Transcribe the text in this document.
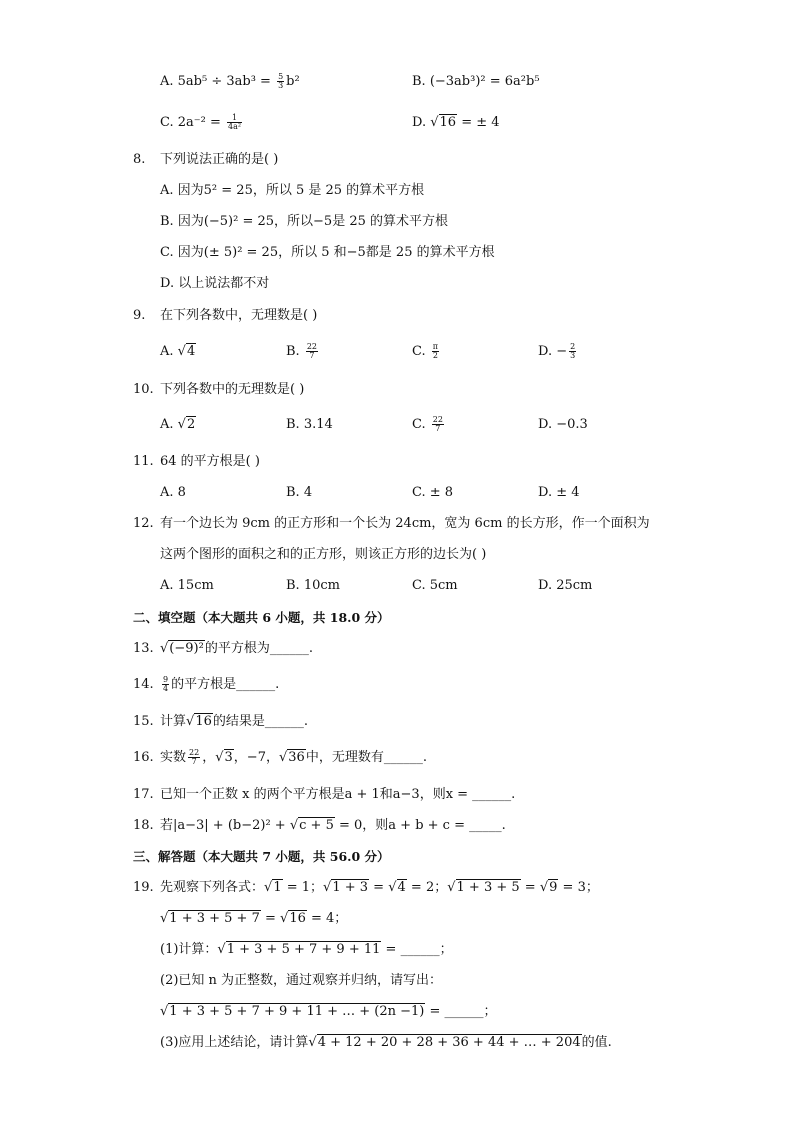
A. $5ab^5 \div 3ab^3 = \frac{5}{3} b^2$	B. (−3ab³)² = 6a²b⁵
C. $2a^{-2} = \frac{1}{\text{4a²}}$	D. √16 = ± 4
8. 下列说法正确的是( )
A. 因为5² = 25，所以 5 是 25 的算术平方根
B. 因为(−5)² = 25，所以−5是 25 的算术平方根
C. 因为(± 5)² = 25，所以 5 和−5都是 25 的算术平方根
D. 以上说法都不对
9. 在下列各数中，无理数是( )
A. √4	B. $\frac{22}{7}$	C. $\frac{\pi}{2}$	D. − $\frac{2}{3}$
10. 下列各数中的无理数是( )
A. √2	B. 3.14	C. $\frac{22}{7}$	D. −0.3
11. 64 的平方根是( )
A. 8	B. 4	C. ± 8	D. ± 4
12. 有一个边长为 9cm 的正方形和一个长为 24cm，宽为 6cm 的长方形，作一个面积为
这两个图形的面积之和的正方形，则该正方形的边长为( )
A. 15cm	B. 10cm	C. 5cm	D. 25cm
二、填空题（本大题共 6 小题，共 18.0 分）
13. √(−9)²的平方根为______.
14. $\frac{9}{4}$ 的平方根是______.
15. 计算√16的结果是______.
16. 实数 $\frac{22}{7}$ ，√3，−7，√36中，无理数有______.
17. 已知一个正数 x 的两个平方根是a + 1和a−3，则x = ______.
18. 若|a−3| + (b−2)² + √c + 5 = 0，则a + b + c = _____.
三、解答题（本大题共 7 小题，共 56.0 分）
19. 先观察下列各式：√1 = 1；√1 + 3 = √4 = 2；√1 + 3 + 5 = √9 = 3；
√1 + 3 + 5 + 7 = √16 = 4；
(1)计算：√1 + 3 + 5 + 7 + 9 + 11 = ______；
(2)已知 n 为正整数，通过观察并归纳，请写出：
√1 + 3 + 5 + 7 + 9 + 11 + … + (2n −1) = ______；
(3)应用上述结论，请计算√4 + 12 + 20 + 28 + 36 + 44 + … + 204的值.
